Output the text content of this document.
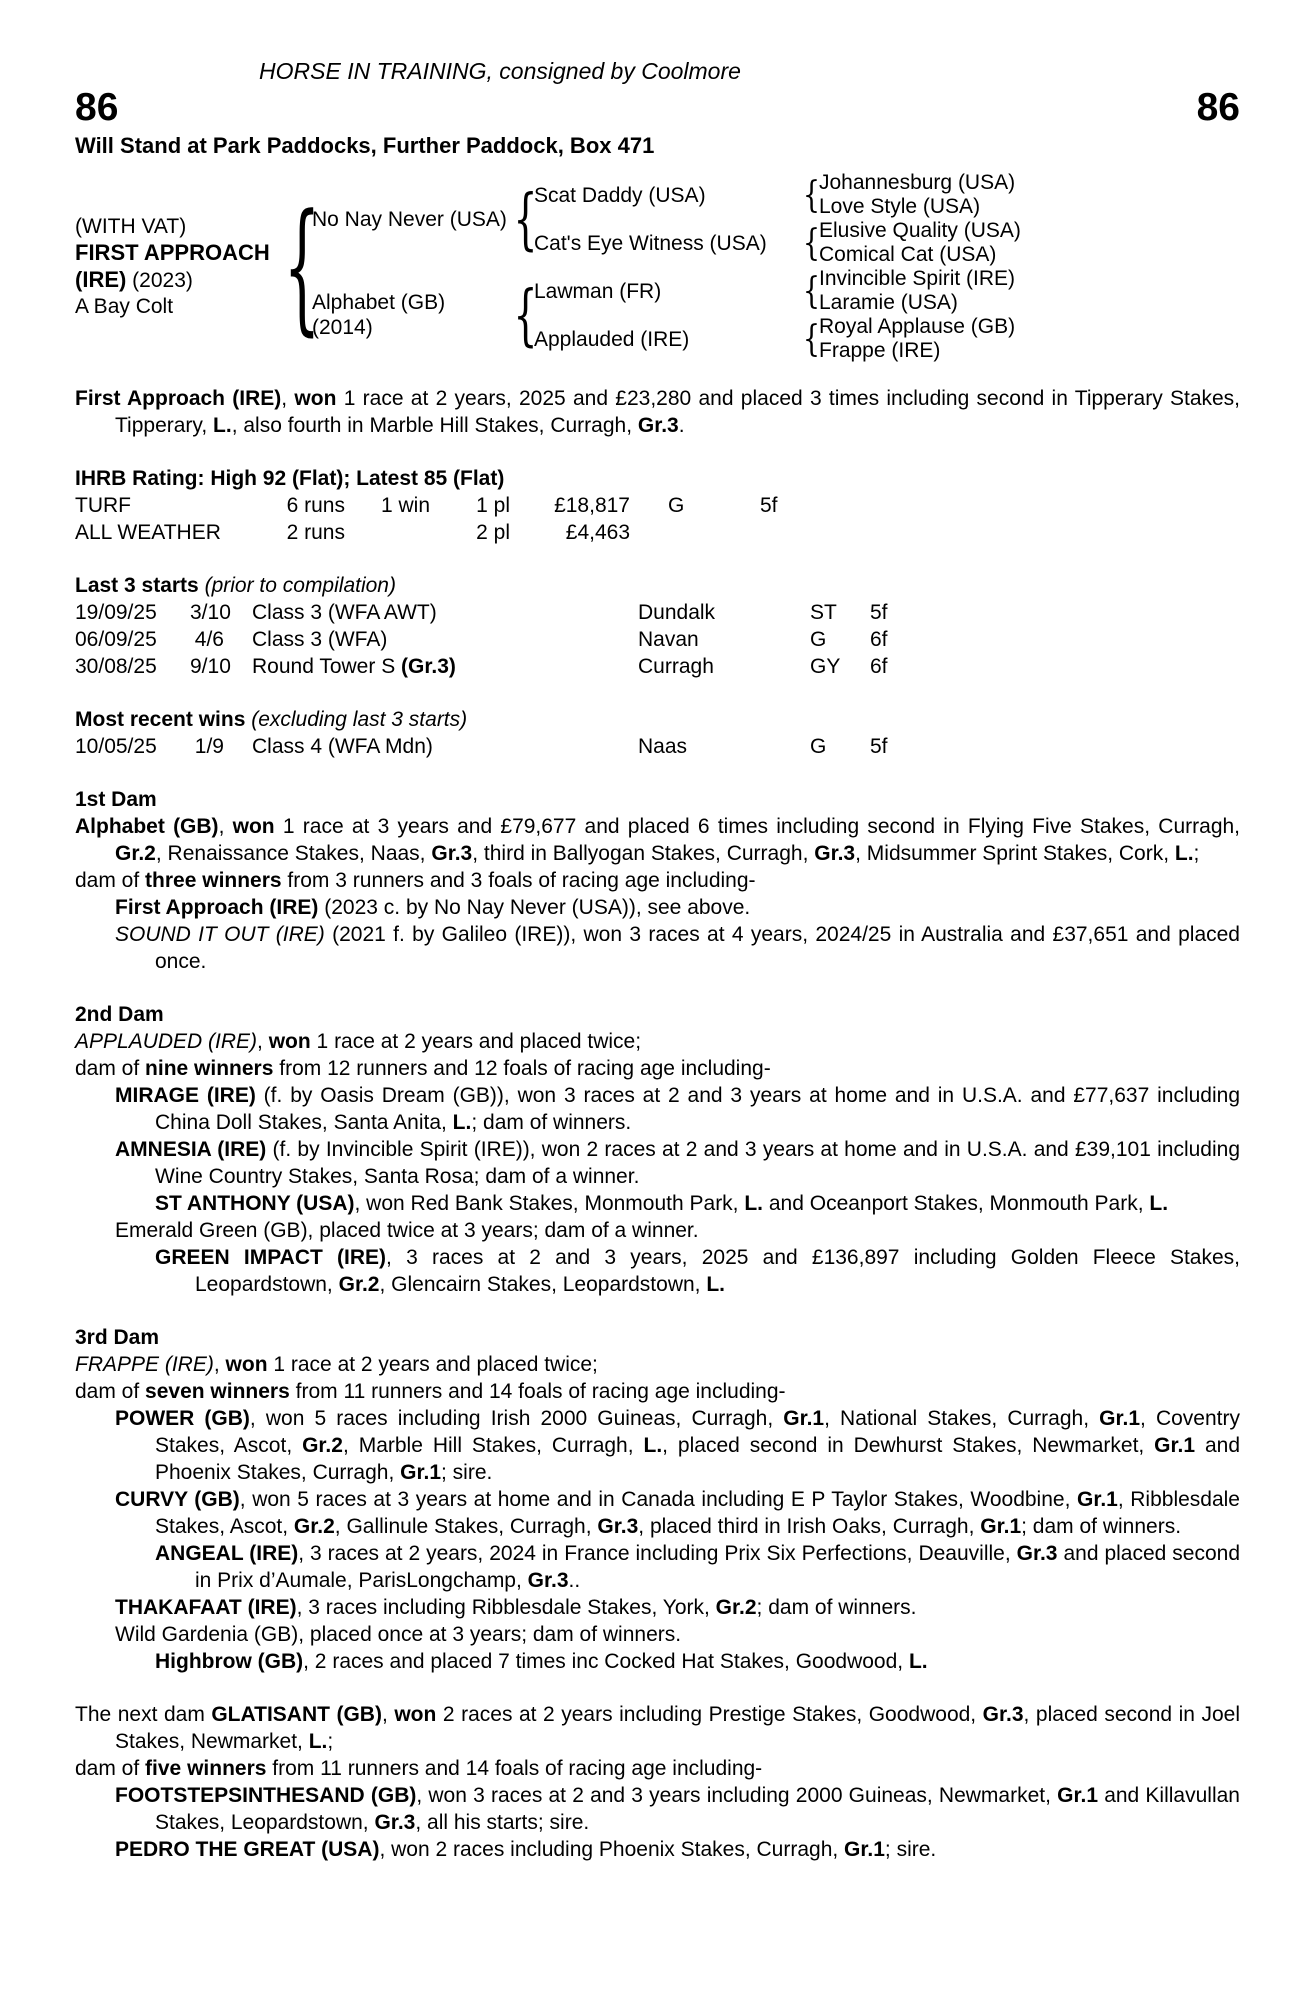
HORSE IN TRAINING, consigned by Coolmore
86	86
Will Stand at Park Paddocks, Further Paddock, Box 471
(WITH VAT)
FIRST APPROACH (IRE) (2023)
A Bay Colt	{
No Nay Never (USA) {
Scat Daddy (USA)	{
Johannesburg (USA)
Love Style (USA)
Cat's Eye Witness (USA)	{
Elusive Quality (USA)
Comical Cat (USA)
Alphabet (GB)
(2014)	{
Lawman (FR)	{
Invincible Spirit (IRE)
Laramie (USA)
Applauded (IRE)	{
Royal Applause (GB)
Frappe (IRE)

First Approach (IRE), won 1 race at 2 years, 2025 and £23,280 and placed 3 times including second in Tipperary Stakes, Tipperary, L., also fourth in Marble Hill Stakes, Curragh, Gr.3.

IHRB Rating: High 92 (Flat); Latest 85 (Flat)
TURF	6 runs	1 win	1 pl	£18,817	G	5f
ALL WEATHER	2 runs	2 pl	£4,463
Last 3 starts (prior to compilation)
19/09/25	3/10	Class 3 (WFA AWT)	Dundalk	ST	5f
06/09/25	4/6	Class 3 (WFA)	Navan	G	6f
30/08/25	9/10	Round Tower S (Gr.3)	Curragh	GY	6f
Most recent wins (excluding last 3 starts)
10/05/25	1/9	Class 4 (WFA Mdn)	Naas	G	5f
1st Dam

Alphabet (GB), won 1 race at 3 years and £79,677 and placed 6 times including second in Flying Five Stakes, Curragh, Gr.2, Renaissance Stakes, Naas, Gr.3, third in Ballyogan Stakes, Curragh, Gr.3, Midsummer Sprint Stakes, Cork, L.;

dam of three winners from 3 runners and 3 foals of racing age including-

First Approach (IRE) (2023 c. by No Nay Never (USA)), see above.

SOUND IT OUT (IRE) (2021 f. by Galileo (IRE)), won 3 races at 4 years, 2024/25 in Australia and £37,651 and placed once.

2nd Dam

APPLAUDED (IRE), won 1 race at 2 years and placed twice;

dam of nine winners from 12 runners and 12 foals of racing age including-

MIRAGE (IRE) (f. by Oasis Dream (GB)), won 3 races at 2 and 3 years at home and in U.S.A. and £77,637 including China Doll Stakes, Santa Anita, L.; dam of winners.

AMNESIA (IRE) (f. by Invincible Spirit (IRE)), won 2 races at 2 and 3 years at home and in U.S.A. and £39,101 including Wine Country Stakes, Santa Rosa; dam of a winner.

ST ANTHONY (USA), won Red Bank Stakes, Monmouth Park, L. and Oceanport Stakes, Monmouth Park, L.

Emerald Green (GB), placed twice at 3 years; dam of a winner.

GREEN IMPACT (IRE), 3 races at 2 and 3 years, 2025 and £136,897 including Golden Fleece Stakes, Leopardstown, Gr.2, Glencairn Stakes, Leopardstown, L.

3rd Dam

FRAPPE (IRE), won 1 race at 2 years and placed twice;

dam of seven winners from 11 runners and 14 foals of racing age including-

POWER (GB), won 5 races including Irish 2000 Guineas, Curragh, Gr.1, National Stakes, Curragh, Gr.1, Coventry Stakes, Ascot, Gr.2, Marble Hill Stakes, Curragh, L., placed second in Dewhurst Stakes, Newmarket, Gr.1 and Phoenix Stakes, Curragh, Gr.1; sire.

CURVY (GB), won 5 races at 3 years at home and in Canada including E P Taylor Stakes, Woodbine, Gr.1, Ribblesdale Stakes, Ascot, Gr.2, Gallinule Stakes, Curragh, Gr.3, placed third in Irish Oaks, Curragh, Gr.1; dam of winners.

ANGEAL (IRE), 3 races at 2 years, 2024 in France including Prix Six Perfections, Deauville, Gr.3 and placed second in Prix d’Aumale, ParisLongchamp, Gr.3..

THAKAFAAT (IRE), 3 races including Ribblesdale Stakes, York, Gr.2; dam of winners.

Wild Gardenia (GB), placed once at 3 years; dam of winners.

Highbrow (GB), 2 races and placed 7 times inc Cocked Hat Stakes, Goodwood, L.

The next dam GLATISANT (GB), won 2 races at 2 years including Prestige Stakes, Goodwood, Gr.3, placed second in Joel Stakes, Newmarket, L.;

dam of five winners from 11 runners and 14 foals of racing age including-

FOOTSTEPSINTHESAND (GB), won 3 races at 2 and 3 years including 2000 Guineas, Newmarket, Gr.1 and Killavullan Stakes, Leopardstown, Gr.3, all his starts; sire.

PEDRO THE GREAT (USA), won 2 races including Phoenix Stakes, Curragh, Gr.1; sire.
